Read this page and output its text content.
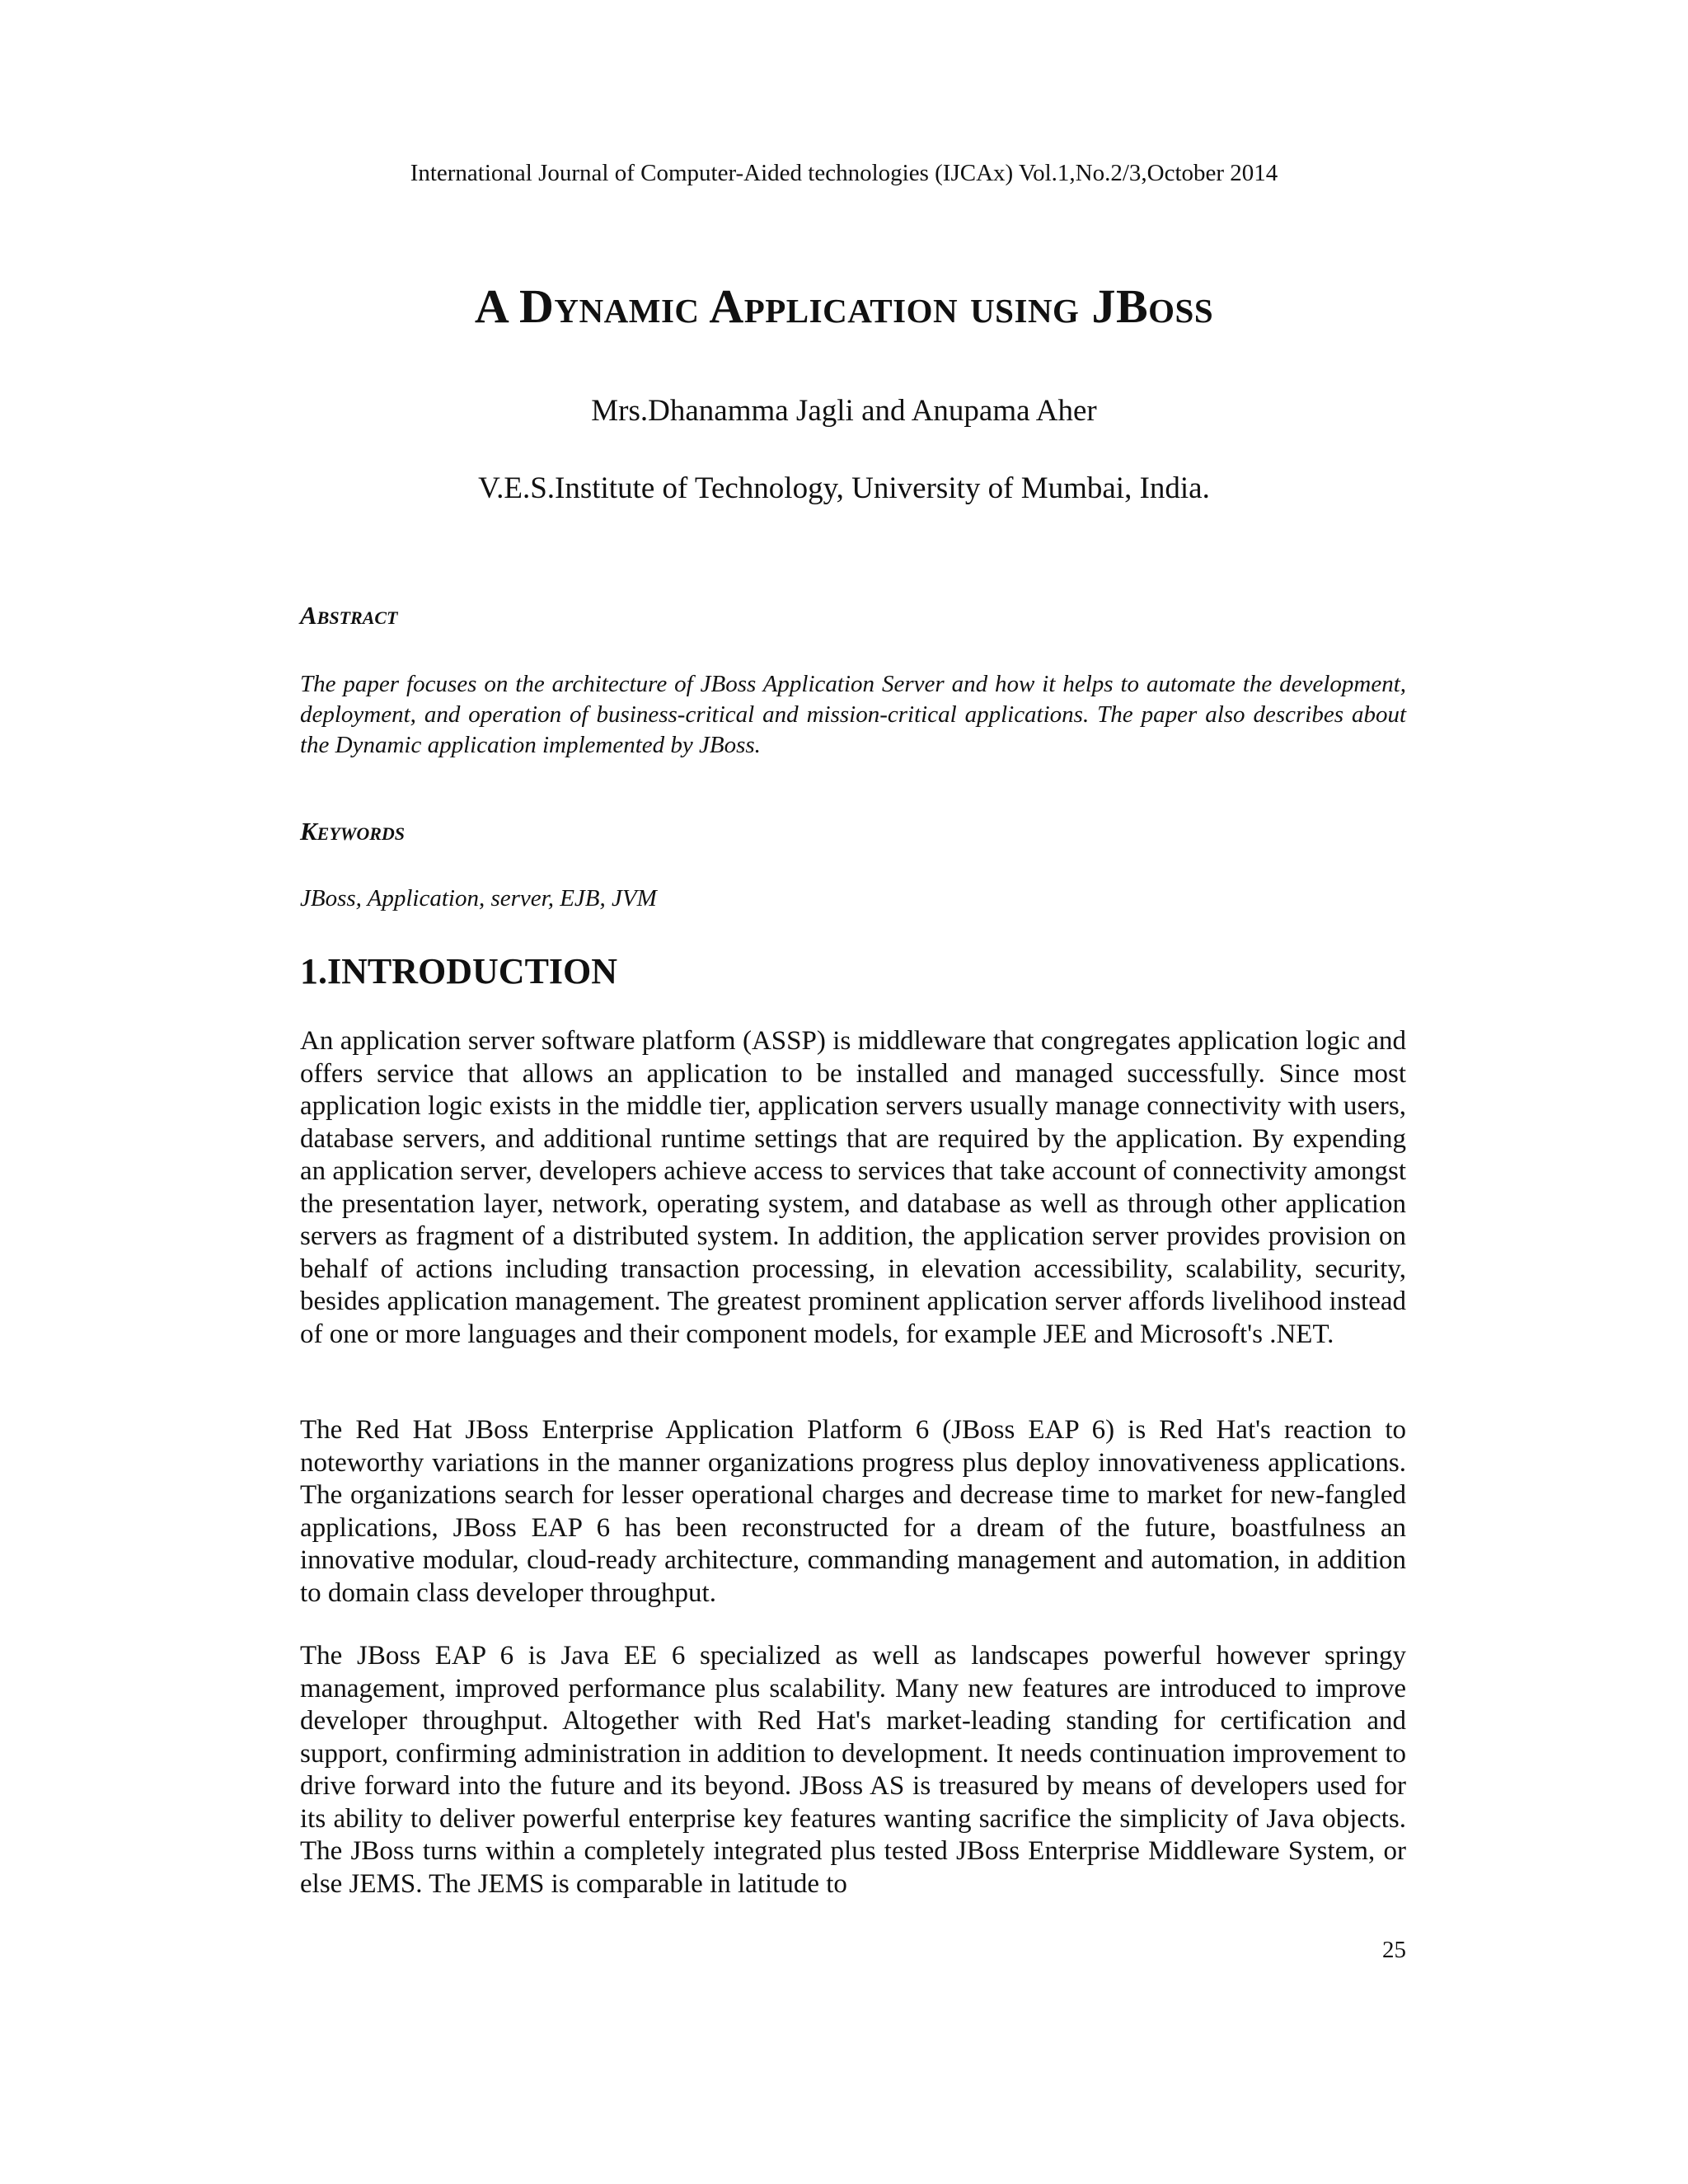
International Journal of Computer-Aided technologies (IJCAx) Vol.1,No.2/3,October 2014
A Dynamic Application using JBoss
Mrs.Dhanamma Jagli and Anupama Aher
V.E.S.Institute of Technology, University of Mumbai, India.
Abstract

The paper focuses on the architecture of JBoss Application Server and how it helps to automate the development, deployment, and operation of business-critical and mission-critical applications. The paper also describes about the Dynamic application implemented by JBoss.

Keywords

JBoss, Application, server, EJB, JVM

1.INTRODUCTION

An application server software platform (ASSP) is middleware that congregates application logic and offers service that allows an application to be installed and managed successfully. Since most application logic exists in the middle tier, application servers usually manage connectivity with users, database servers, and additional runtime settings that are required by the application. By expending an application server, developers achieve access to services that take account of connectivity amongst the presentation layer, network, operating system, and database as well as through other application servers as fragment of a distributed system. In addition, the application server provides provision on behalf of actions including transaction processing, in elevation accessibility, scalability, security, besides application management. The greatest prominent application server affords livelihood instead of one or more languages and their component models, for example JEE and Microsoft's .NET.

The Red Hat JBoss Enterprise Application Platform 6 (JBoss EAP 6) is Red Hat's reaction to noteworthy variations in the manner organizations progress plus deploy innovativeness applications. The organizations search for lesser operational charges and decrease time to market for new-fangled applications, JBoss EAP 6 has been reconstructed for a dream of the future, boastfulness an innovative modular, cloud-ready architecture, commanding management and automation, in addition to domain class developer throughput.

The JBoss EAP 6 is Java EE 6 specialized as well as landscapes powerful however springy management, improved performance plus scalability. Many new features are introduced to improve developer throughput. Altogether with Red Hat's market-leading standing for certification and support, confirming administration in addition to development. It needs continuation improvement to drive forward into the future and its beyond. JBoss AS is treasured by means of developers used for its ability to deliver powerful enterprise key features wanting sacrifice the simplicity of Java objects. The JBoss turns within a completely integrated plus tested JBoss Enterprise Middleware System, or else JEMS. The JEMS is comparable in latitude to

25
